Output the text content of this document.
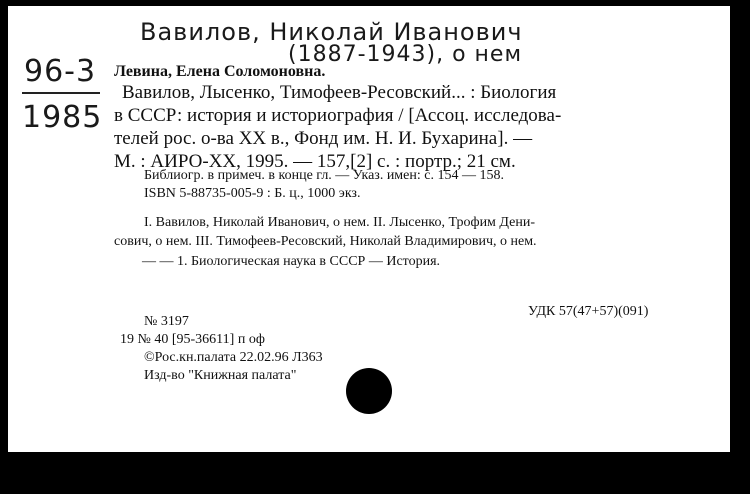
Вавилов, Николай Иванович
(1887-1943), о нем
96-3
1985
Левина, Елена Соломоновна.
Вавилов, Лысенко, Тимофеев-Ресовский... : Биология
в СССР: история и историография / [Ассоц. исследова-
телей рос. о-ва XX в., Фонд им. Н. И. Бухарина]. —
М. : АИРО-ХХ, 1995. — 157,[2] с. : портр.; 21 см.
Библиогр. в примеч. в конце гл. — Указ. имен: с. 154 — 158.
ISBN 5-88735-005-9 : Б. ц., 1000 экз.
I. Вавилов, Николай Иванович, о нем. II. Лысенко, Трофим Дени-
сович, о нем. III. Тимофеев-Ресовский, Николай Владимирович, о нем.
— — 1. Биологическая наука в СССР — История.
УДК 57(47+57)(091)
№ 3197
19 № 40 [95-36611] п оф
©Рос.кн.палата 22.02.96 Л363
Изд-во "Книжная палата"
